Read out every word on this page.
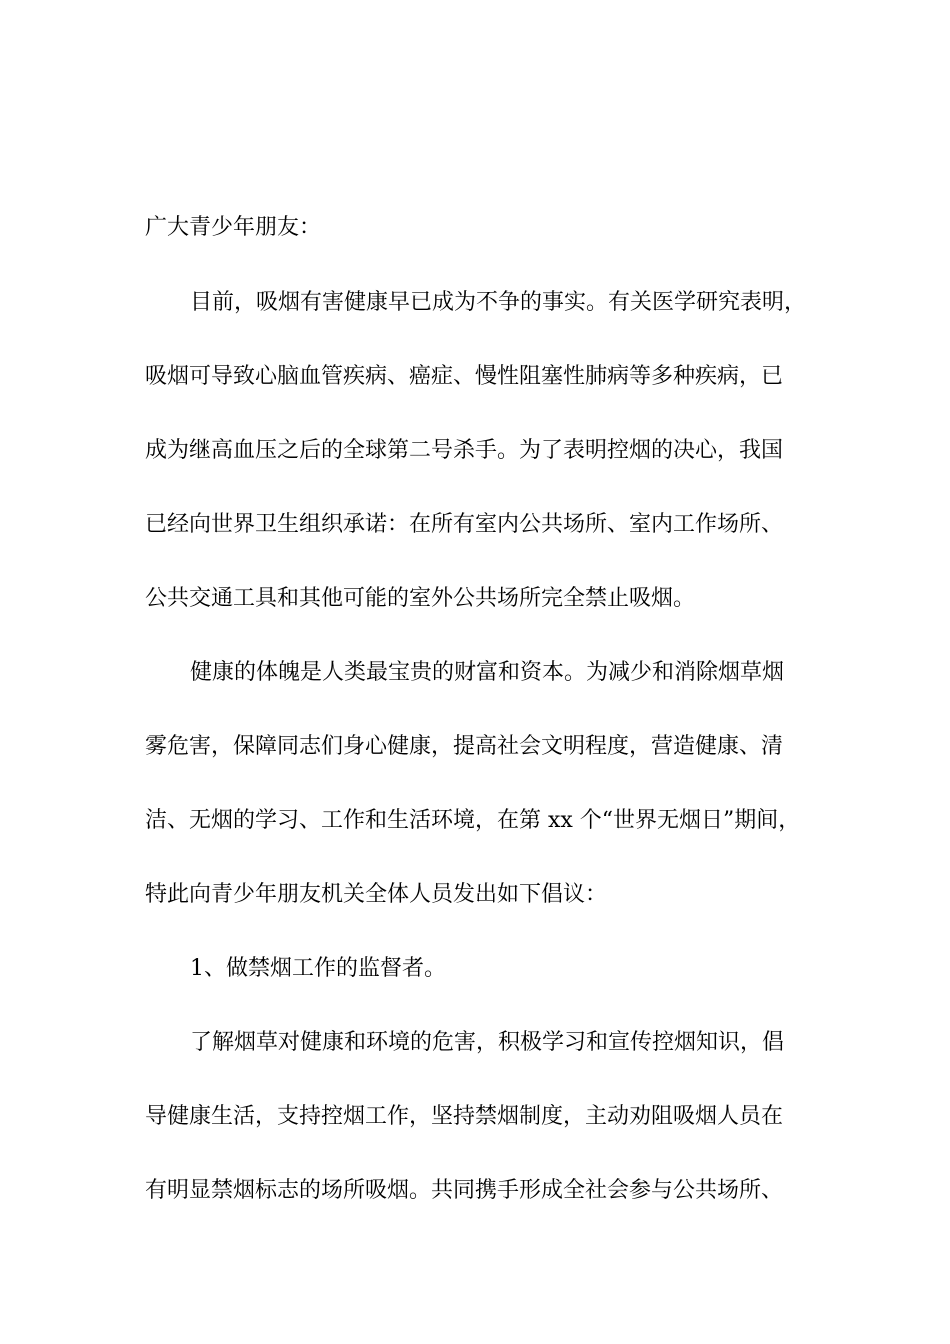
广大青少年朋友：

目前，吸烟有害健康早已成为不争的事实。有关医学研究表明，

吸烟可导致心脑血管疾病、癌症、慢性阻塞性肺病等多种疾病，已

成为继高血压之后的全球第二号杀手。为了表明控烟的决心，我国

已经向世界卫生组织承诺：在所有室内公共场所、室内工作场所、

公共交通工具和其他可能的室外公共场所完全禁止吸烟。

健康的体魄是人类最宝贵的财富和资本。为减少和消除烟草烟

雾危害，保障同志们身心健康，提高社会文明程度，营造健康、清

洁、无烟的学习、工作和生活环境，在第 xx 个“世界无烟日”期间，

特此向青少年朋友机关全体人员发出如下倡议：

1、做禁烟工作的监督者。

了解烟草对健康和环境的危害，积极学习和宣传控烟知识，倡

导健康生活，支持控烟工作，坚持禁烟制度，主动劝阻吸烟人员在

有明显禁烟标志的场所吸烟。共同携手形成全社会参与公共场所、
